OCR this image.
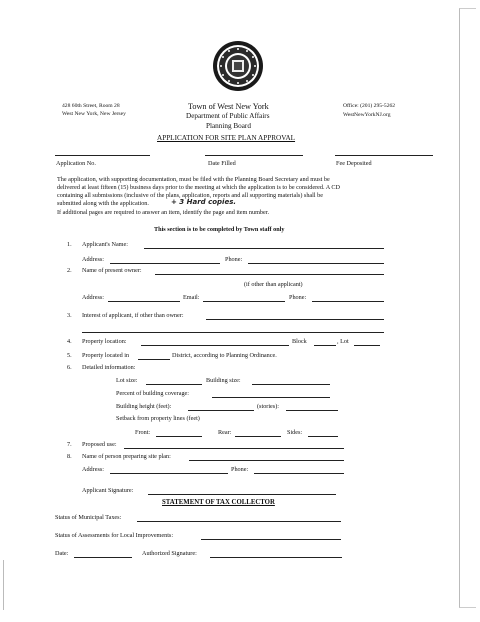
428 60th Street, Room 28
West New York, New Jersey
Town of West New York
Department of Public Affairs
Planning Board
Office: (201) 295-5262
WestNewYorkNJ.org
APPLICATION FOR SITE PLAN APPROVAL
Application No.	Date Filled	Fee Deposited
The application, with supporting documentation, must be filed with the Planning Board Secretary and must be
delivered at least fifteen (15) business days prior to the meeting at which the application is to be considered. A CD
containing all submissions (inclusive of the plans, application, reports and all supporting materials) shall be
submitted along with the application.	+ 3 Hard copies.
If additional pages are required to answer an item, identify the page and item number.
This section is to be completed by Town staff only
1. Applicant's Name:
Address:	Phone:
2. Name of present owner:
(if other than applicant)
Address:	Email:	Phone:
3. Interest of applicant, if other than owner:
4. Property location:	Block	, Lot
5. Property located in	District, according to Planning Ordinance.
6. Detailed information:
Lot size:	Building size:
Percent of building coverage:
Building height (feet):	(stories):
Setback from property lines (feet)
Front:	Rear:	Sides:
7. Proposed use:
8. Name of person preparing site plan:
Address:	Phone:
Applicant Signature:
STATEMENT OF TAX COLLECTOR
Status of Municipal Taxes:
Status of Assessments for Local Improvements:
Date:	Authorized Signature:
